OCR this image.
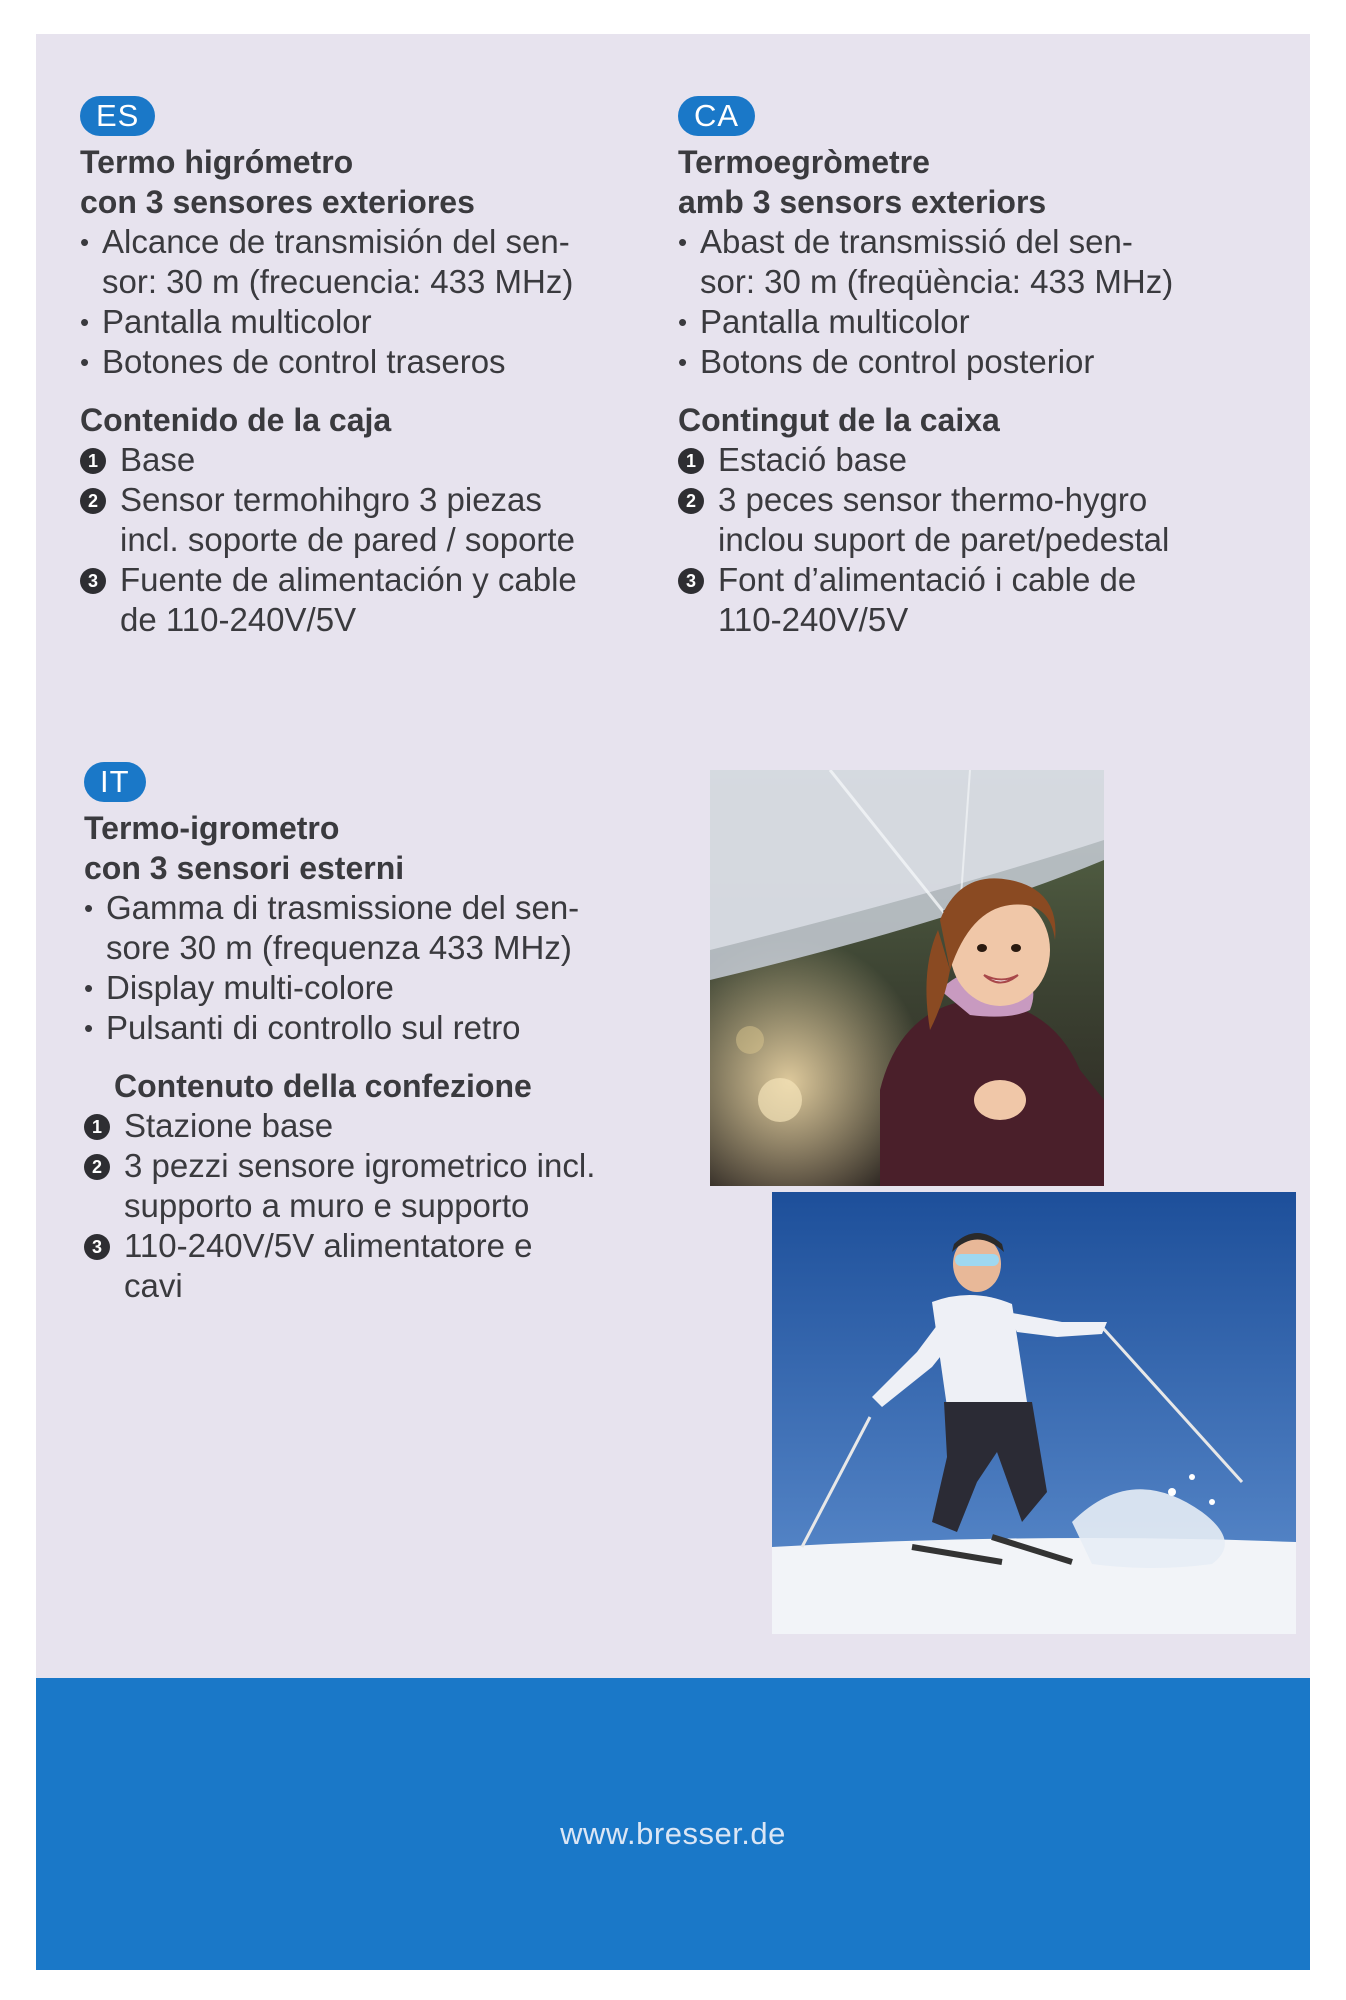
ES
Termo higrómetro
con 3 sensores exteriores
• Alcance de transmisión del sen-
sor: 30 m (frecuencia: 433 MHz)
• Pantalla multicolor
• Botones de control traseros
Contenido de la caja
1 Base
2 Sensor termohihgro 3 piezas
incl. soporte de pared / soporte
3 Fuente de alimentación y cable
de 110-240V/5V
CA
Termoegròmetre
amb 3 sensors exteriors
• Abast de transmissió del sen-
sor: 30 m (freqüència: 433 MHz)
• Pantalla multicolor
• Botons de control posterior
Contingut de la caixa
1 Estació base
2 3 peces sensor thermo-hygro
inclou suport de paret/pedestal
3 Font d’alimentació i cable de
110-240V/5V
IT
Termo-igrometro
con 3 sensori esterni
• Gamma di trasmissione del sen-
sore 30 m (frequenza 433 MHz)
• Display multi-colore
• Pulsanti di controllo sul retro
Contenuto della confezione
1 Stazione base
2 3 pezzi sensore igrometrico incl.
supporto a muro e supporto
3 110-240V/5V alimentatore e
cavi
www.bresser.de
